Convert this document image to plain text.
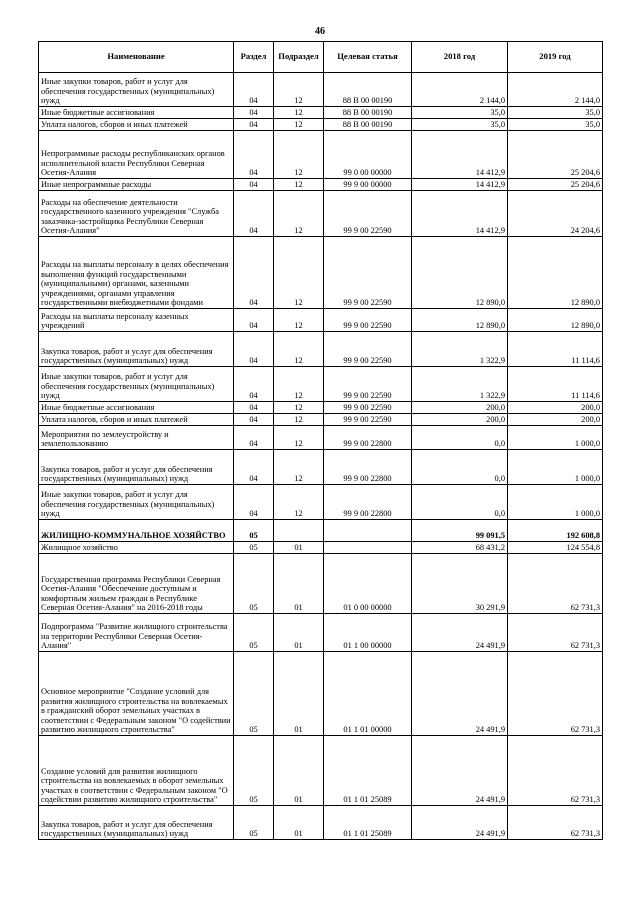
46
Наименование	Раздел	Подраздел	Целевая статья	2018 год	2019 год
Иные закупки товаров, работ и услуг для обеспечения государственных (муниципальных) нужд	04	12	88 В 00 00190	2 144,0	2 144,0
Иные бюджетные ассигнования	04	12	88 В 00 00190	35,0	35,0
Уплата налогов, сборов и иных платежей	04	12	88 В 00 00190	35,0	35,0
Непрограммные расходы республиканских органов исполнительной власти Республики Северная Осетия-Алания	04	12	99 0 00 00000	14 412,9	25 204,6
Иные непрограммные расходы	04	12	99 9 00 00000	14 412,9	25 204,6
Расходы на обеспечение деятельности государственного казенного учреждения "Служба заказчика-застройщика Республики Северная Осетия-Алания"	04	12	99 9 00 22590	14 412,9	24 204,6
Расходы на выплаты персоналу в целях обеспечения выполнения функций государственными (муниципальными) органами, казенными учреждениями, органами управления государственными внебюджетными фондами	04	12	99 9 00 22590	12 890,0	12 890,0
Расходы на выплаты персоналу казенных учреждений	04	12	99 9 00 22590	12 890,0	12 890,0
Закупка товаров, работ и услуг для обеспечения государственных (муниципальных) нужд	04	12	99 9 00 22590	1 322,9	11 114,6
Иные закупки товаров, работ и услуг для обеспечения государственных (муниципальных) нужд	04	12	99 9 00 22590	1 322,9	11 114,6
Иные бюджетные ассигнования	04	12	99 9 00 22590	200,0	200,0
Уплата налогов, сборов и иных платежей	04	12	99 9 00 22590	200,0	200,0
Мероприятия по землеустройству и землепользованию	04	12	99 9 00 22800	0,0	1 000,0
Закупка товаров, работ и услуг для обеспечения государственных (муниципальных) нужд	04	12	99 9 00 22800	0,0	1 000,0
Иные закупки товаров, работ и услуг для обеспечения государственных (муниципальных) нужд	04	12	99 9 00 22800	0,0	1 000,0
ЖИЛИЩНО-КОММУНАЛЬНОЕ ХОЗЯЙСТВО	05			99 091,5	192 608,8
Жилищное хозяйство	05	01		68 431,2	124 554,8
Государственная программа Республики Северная Осетия-Алания "Обеспечение доступным и комфортным жильем граждан в Республике Северная Осетия-Алания" на 2016-2018 годы	05	01	01 0 00 00000	30 291,9	62 731,3
Подпрограмма "Развитие жилищного строительства на территории Республики Северная Осетия-Алания"	05	01	01 1 00 00000	24 491,9	62 731,3
Основное мероприятие "Создание условий для развития жилищного строительства на вовлекаемых в гражданский оборот земельных участках в соответствии с Федеральным законом "О содействии развитию жилищного строительства"	05	01	01 1 01 00000	24 491,9	62 731,3
Создание условий для развития жилищного строительства на вовлекаемых в оборот земельных участках в соответствии с Федеральным законом "О содействии развитию жилищного строительства"	05	01	01 1 01 25089	24 491,9	62 731,3
Закупка товаров, работ и услуг для обеспечения государственных (муниципальных) нужд	05	01	01 1 01 25089	24 491,9	62 731,3
